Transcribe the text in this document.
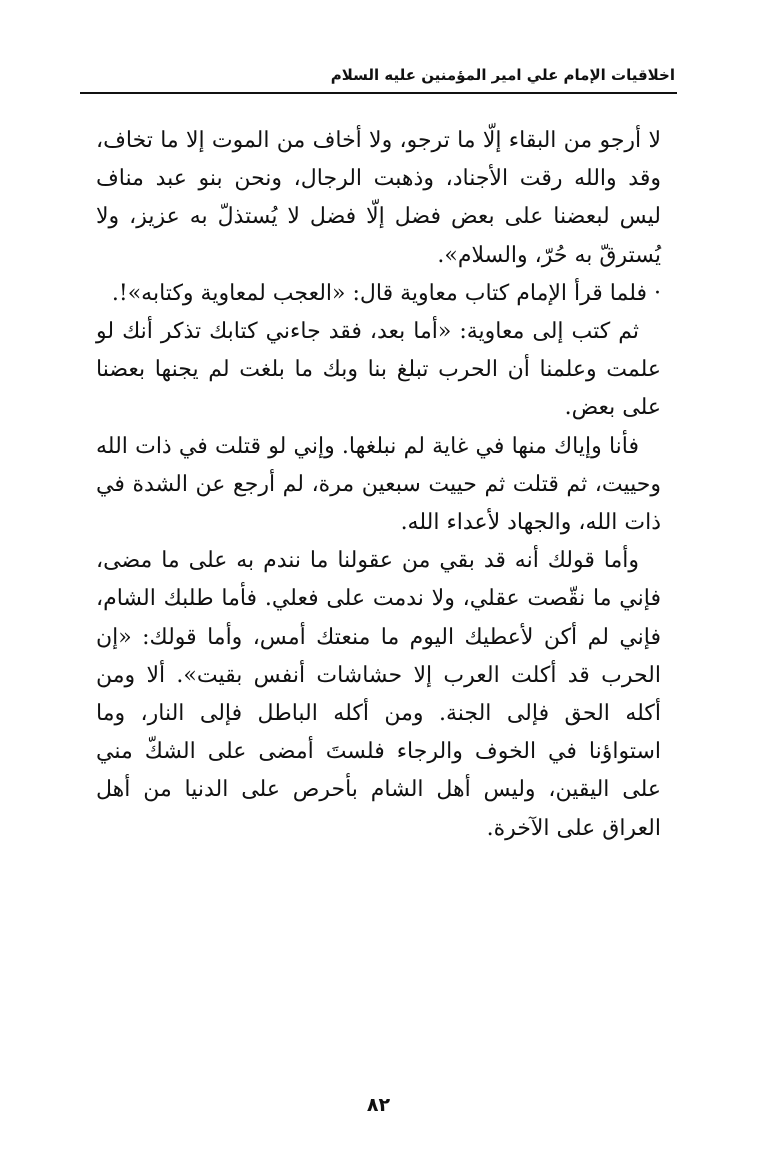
اخلاقيات الإمام علي امير المؤمنين عليه السلام

لا أرجو من البقاء إلّا ما ترجو، ولا أخاف من الموت إلا ما تخاف، وقد والله رقت الأجناد، وذهبت الرجال، ونحن بنو عبد مناف ليس لبعضنا على بعض فضل إلّا فضل لا يُستذلّ به عزيز، ولا يُسترقّ به حُرّ، والسلام».

· فلما قرأ الإمام كتاب معاوية قال: «العجب لمعاوية وكتابه»!.

ثم كتب إلى معاوية: «أما بعد، فقد جاءني كتابك تذكر أنك لو علمت وعلمنا أن الحرب تبلغ بنا وبك ما بلغت لم يجنها بعضنا على بعض.

فأنا وإياك منها في غاية لم نبلغها. وإني لو قتلت في ذات الله وحييت، ثم قتلت ثم حييت سبعين مرة، لم أرجع عن الشدة في ذات الله، والجهاد لأعداء الله.

وأما قولك أنه قد بقي من عقولنا ما نندم به على ما مضى، فإني ما نقّصت عقلي، ولا ندمت على فعلي. فأما طلبك الشام، فإني لم أكن لأعطيك اليوم ما منعتك أمس، وأما قولك: «إن الحرب قد أكلت العرب إلا حشاشات أنفس بقيت». ألا ومن أكله الحق فإلى الجنة. ومن أكله الباطل فإلى النار، وما استواؤنا في الخوف والرجاء فلستَ أمضى على الشكّ مني على اليقين، وليس أهل الشام بأحرص على الدنيا من أهل العراق على الآخرة.

٨٢
